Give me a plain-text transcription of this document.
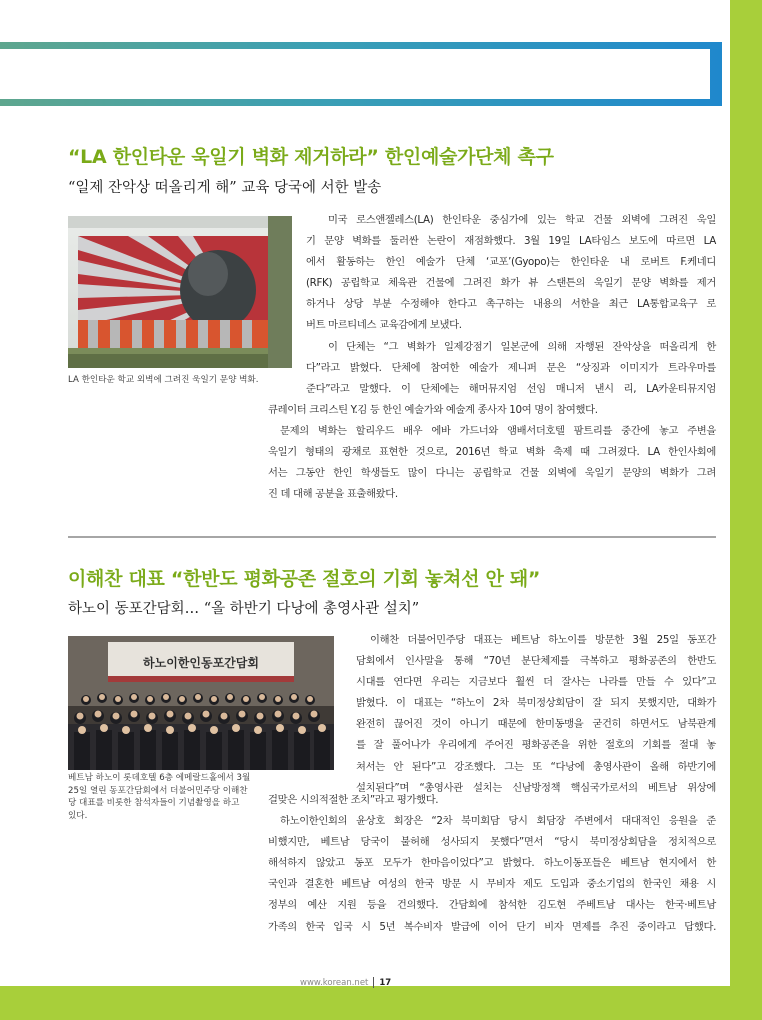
“LA 한인타운 욱일기 벽화 제거하라” 한인예술가단체 촉구
“일제 잔악상 떠올리게 해” 교육 당국에 서한 발송
LA 한인타운 학교 외벽에 그려진 욱일기 문양 벽화.
미국 로스앤젤레스(LA) 한인타운 중심가에 있는 학교 건물 외벽에 그려진 욱일
기 문양 벽화를 둘러싼 논란이 재점화했다. 3월 19일 LA타임스 보도에 따르면 LA
에서 활동하는 한인 예술가 단체 ‘교포’(Gyopo)는 한인타운 내 로버트 F.케네디
(RFK) 공립학교 체육관 건물에 그려진 화가 뷰 스탠튼의 욱일기 문양 벽화를 제거
하거나 상당 부분 수정해야 한다고 촉구하는 내용의 서한을 최근 LA통합교육구 로
버트 마르티네스 교육감에게 보냈다.
이 단체는 “그 벽화가 일제강점기 일본군에 의해 자행된 잔악상을 떠올리게 한
다”라고 밝혔다. 단체에 참여한 예술가 제니퍼 문은 “상징과 이미지가 트라우마를
준다”라고 말했다. 이 단체에는 해머뮤지엄 선임 매니저 낸시 리, LA카운티뮤지엄
큐레이터 크리스틴 Y.김 등 한인 예술가와 예술계 종사자 10여 명이 참여했다.
문제의 벽화는 할리우드 배우 에바 가드너와 앰배서더호텔 팜트리를 중간에 놓고 주변을
욱일기 형태의 광채로 표현한 것으로, 2016년 학교 벽화 축제 때 그려졌다. LA 한인사회에
서는 그동안 한인 학생들도 많이 다니는 공립학교 건물 외벽에 욱일기 문양의 벽화가 그려
진 데 대해 공분을 표출해왔다.
이해찬 대표 “한반도 평화공존 절호의 기회 놓쳐선 안 돼”
하노이 동포간담회… “올 하반기 다낭에 총영사관 설치”
하노이한인동포간담회
베트남 하노이 롯데호텔 6층 에메랄드홀에서 3월
25일 열린 동포간담회에서 더불어민주당 이해찬
당 대표를 비롯한 참석자들이 기념촬영을 하고
있다.
이해찬 더불어민주당 대표는 베트남 하노이를 방문한 3월 25일 동포간
담회에서 인사말을 통해 “70년 분단체제를 극복하고 평화공존의 한반도
시대를 연다면 우리는 지금보다 훨씬 더 잘사는 나라를 만들 수 있다”고
밝혔다. 이 대표는 “하노이 2차 북미정상회담이 잘 되지 못했지만, 대화가
완전히 끊어진 것이 아니기 때문에 한미동맹을 굳건히 하면서도 남북관계
를 잘 풀어나가 우리에게 주어진 평화공존을 위한 절호의 기회를 절대 놓
쳐서는 안 된다”고 강조했다. 그는 또 “다낭에 총영사관이 올해 하반기에
설치된다”며 “총영사관 설치는 신남방정책 핵심국가로서의 베트남 위상에
걸맞은 시의적절한 조치”라고 평가했다.
하노이한인회의 윤상호 회장은 “2차 북미회담 당시 회담장 주변에서 대대적인 응원을 준
비했지만, 베트남 당국이 불허해 성사되지 못했다”면서 “당시 북미정상회담을 정치적으로
해석하지 않았고 동포 모두가 한마음이었다”고 밝혔다. 하노이동포들은 베트남 현지에서 한
국인과 결혼한 베트남 여성의 한국 방문 시 무비자 제도 도입과 중소기업의 한국인 채용 시
정부의 예산 지원 등을 건의했다. 간담회에 참석한 김도현 주베트남 대사는 한국·베트남
가족의 한국 입국 시 5년 복수비자 발급에 이어 단기 비자 면제를 추진 중이라고 답했다.
www.korean.net 17
